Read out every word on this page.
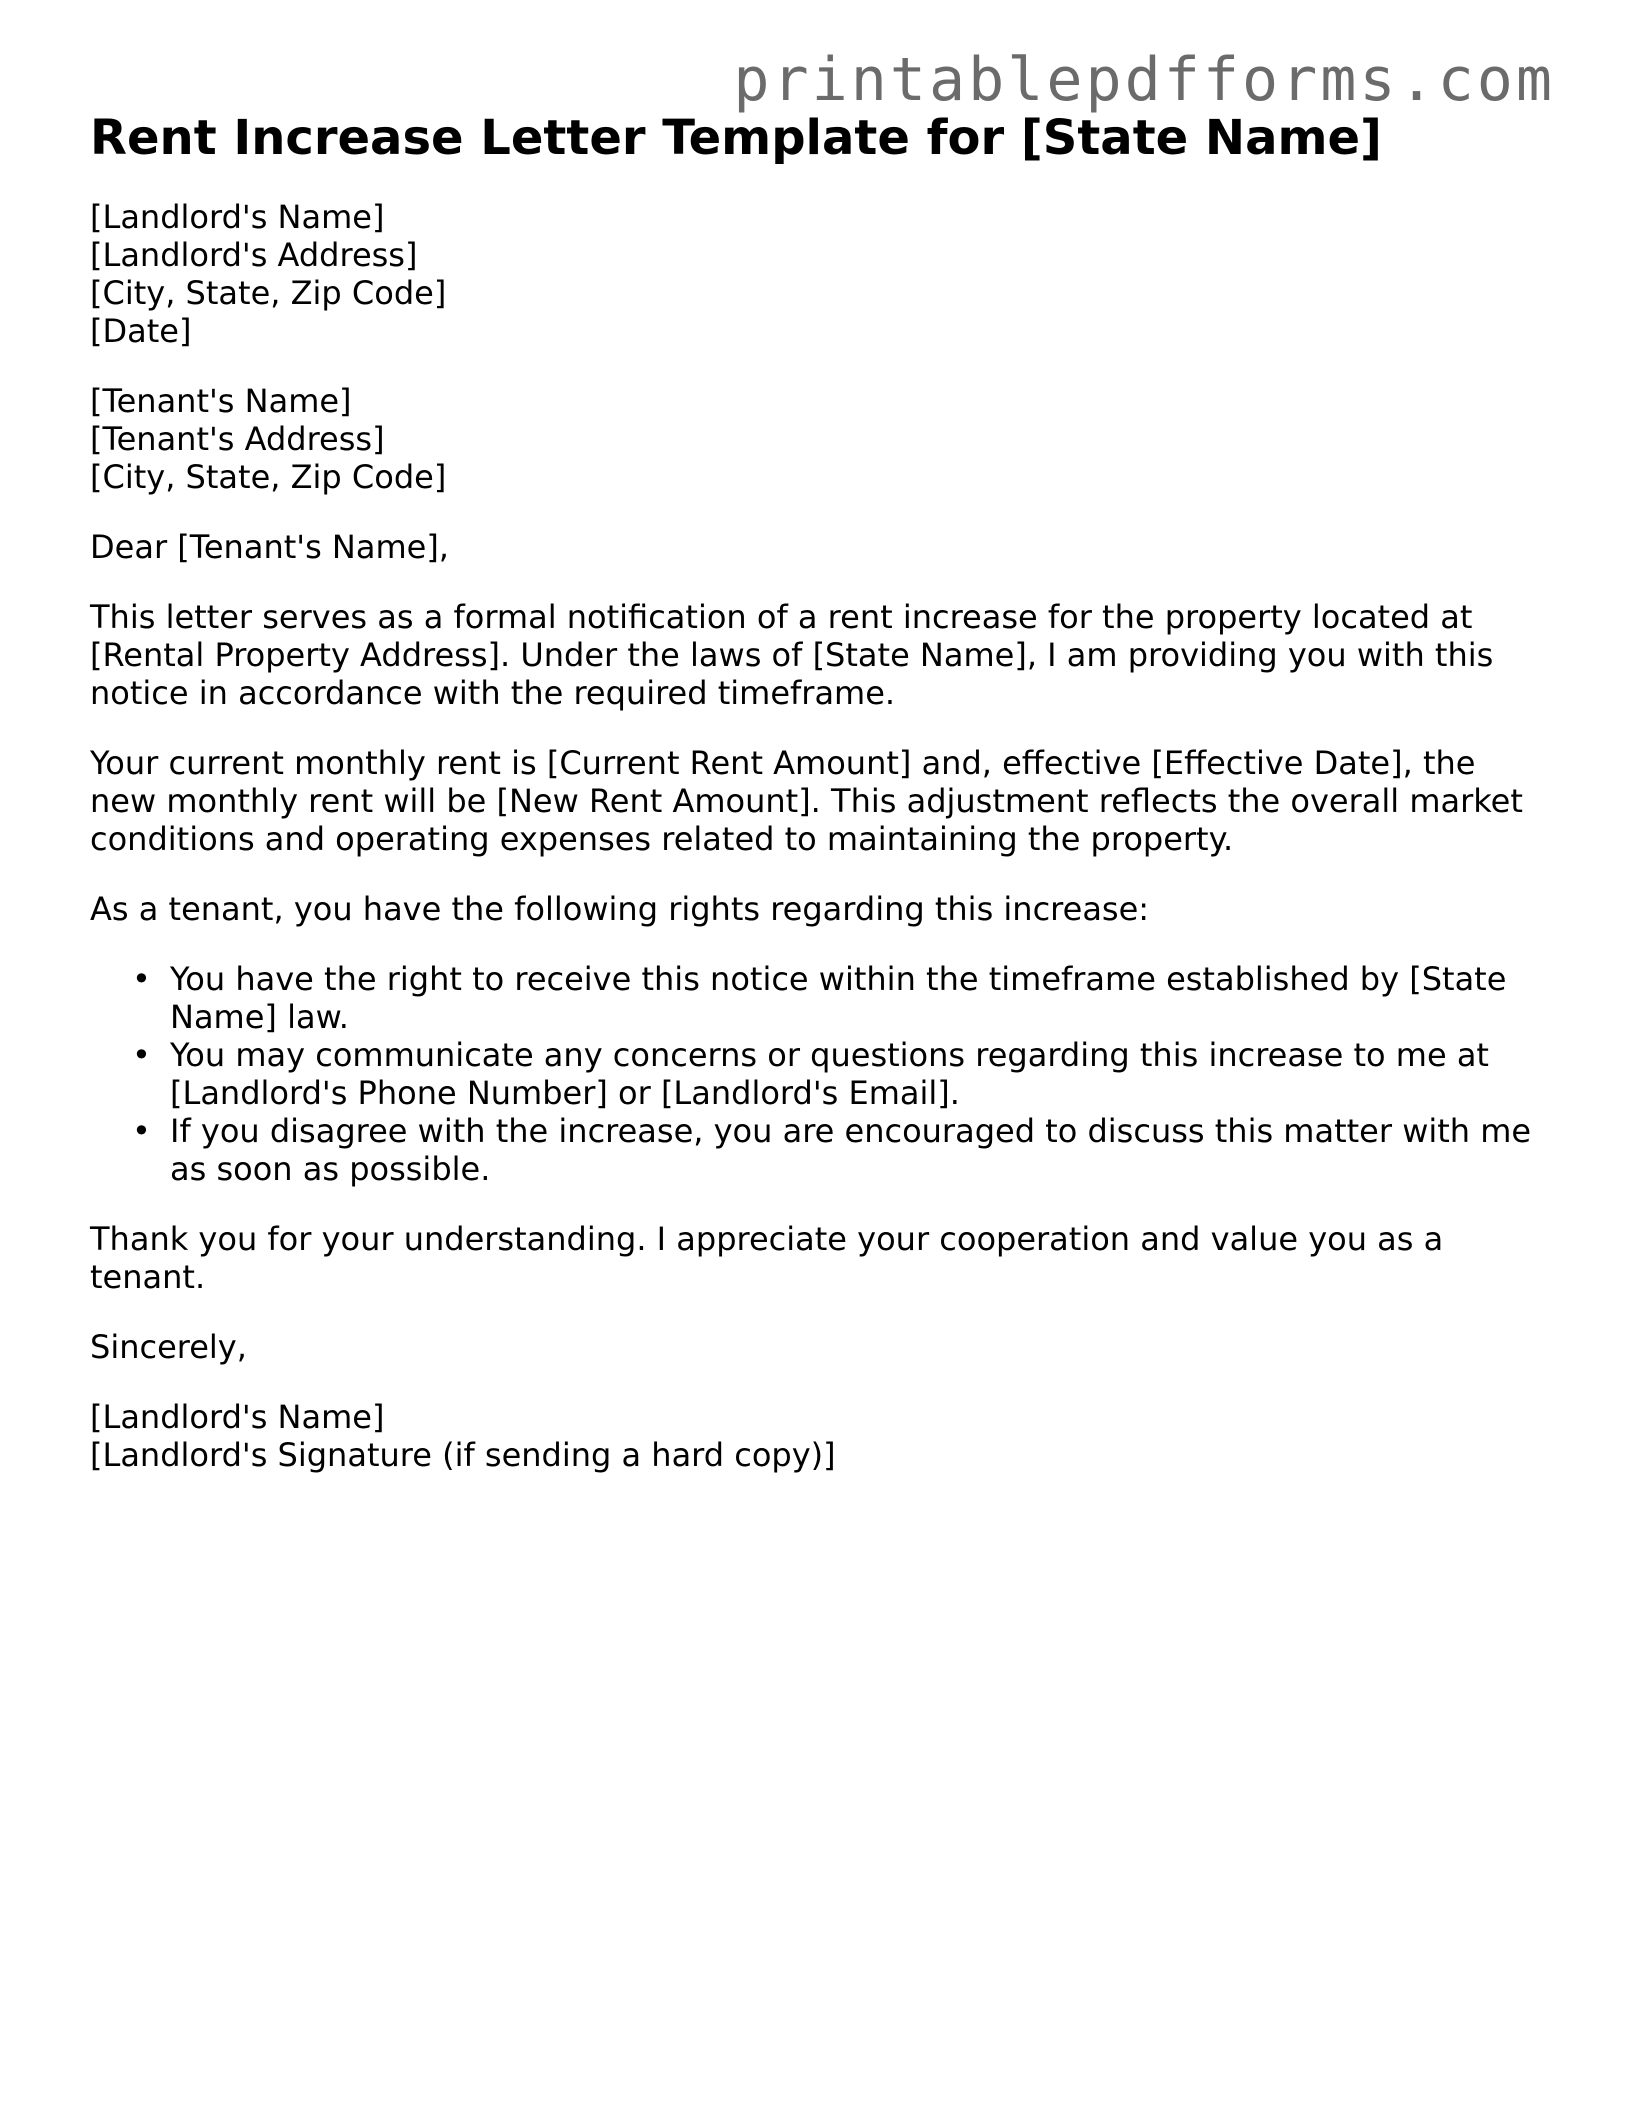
printablepdfforms.com
Rent Increase Letter Template for [State Name]

[Landlord's Name]
[Landlord's Address]
[City, State, Zip Code]
[Date]

[Tenant's Name]
[Tenant's Address]
[City, State, Zip Code]

Dear [Tenant's Name],

This letter serves as a formal notification of a rent increase for the property located at [Rental Property Address]. Under the laws of [State Name], I am providing you with this notice in accordance with the required timeframe.

Your current monthly rent is [Current Rent Amount] and, effective [Effective Date], the new monthly rent will be [New Rent Amount]. This adjustment reflects the overall market conditions and operating expenses related to maintaining the property.

As a tenant, you have the following rights regarding this increase:

• You have the right to receive this notice within the timeframe established by [State Name] law.
• You may communicate any concerns or questions regarding this increase to me at [Landlord's Phone Number] or [Landlord's Email].
• If you disagree with the increase, you are encouraged to discuss this matter with me as soon as possible.

Thank you for your understanding. I appreciate your cooperation and value you as a tenant.

Sincerely,

[Landlord's Name]
[Landlord's Signature (if sending a hard copy)]
